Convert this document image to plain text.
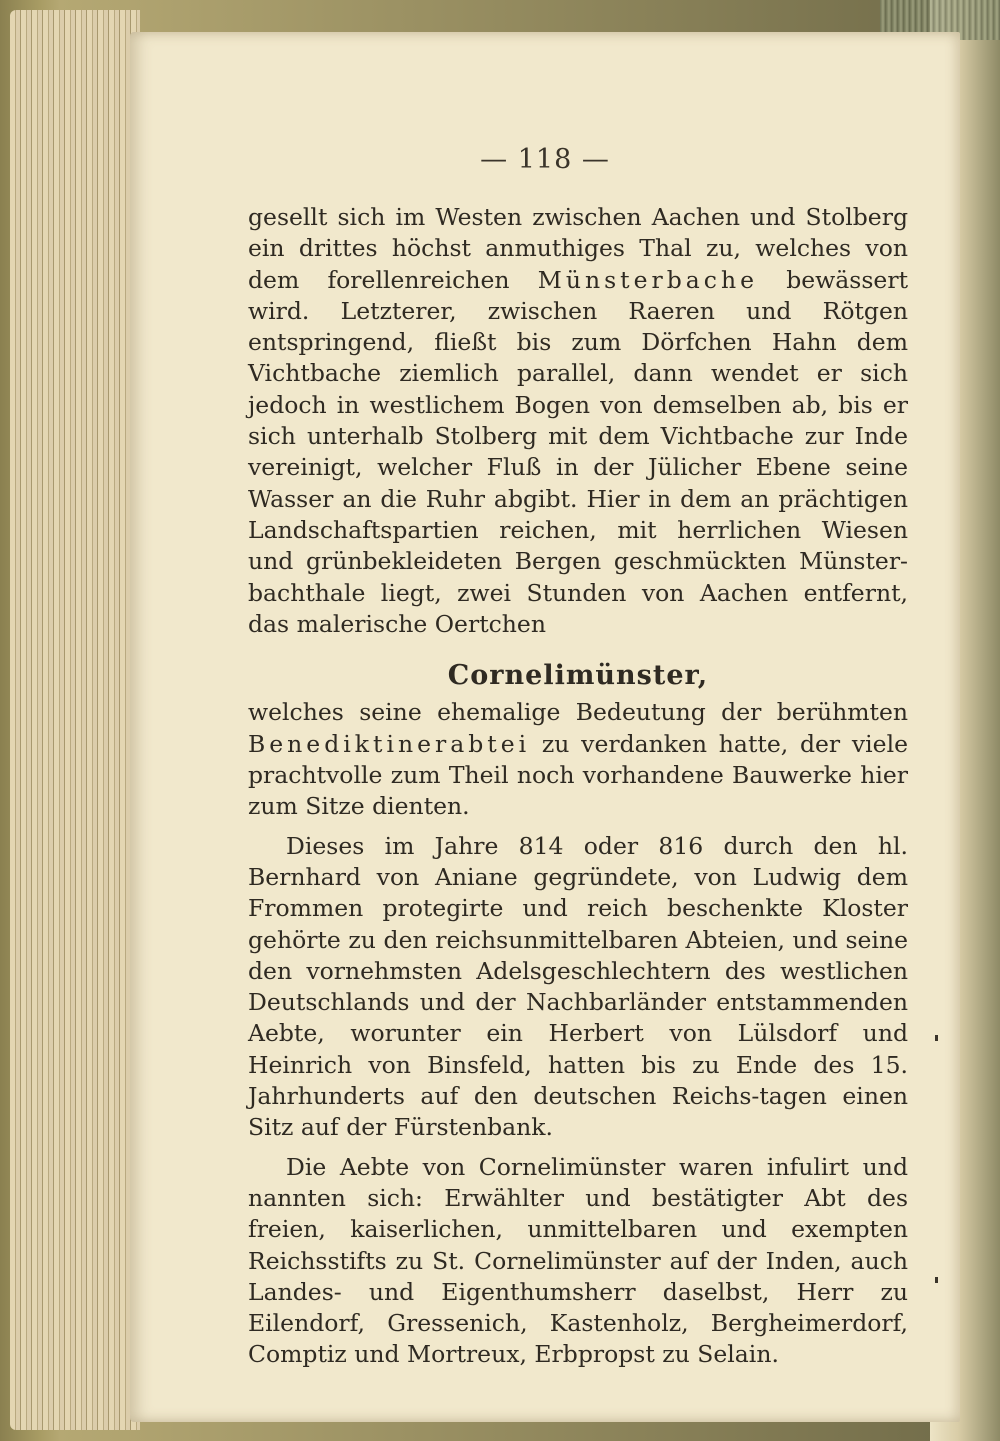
— 118 —

gesellt sich im Westen zwischen Aachen und Stolberg ein drittes höchst anmuthiges Thal zu, welches von dem forellenreichen Münsterbache bewässert wird. Letzterer, zwischen Raeren und Rötgen entspringend, fließt bis zum Dörfchen Hahn dem Vichtbache ziemlich parallel, dann wendet er sich jedoch in westlichem Bogen von demselben ab, bis er sich unterhalb Stolberg mit dem Vichtbache zur Inde vereinigt, welcher Fluß in der Jülicher Ebene seine Wasser an die Ruhr abgibt. Hier in dem an prächtigen Landschaftspartien reichen, mit herrlichen Wiesen und grünbekleideten Bergen geschmückten Münster-bachthale liegt, zwei Stunden von Aachen entfernt, das malerische Oertchen

Cornelimünster,

welches seine ehemalige Bedeutung der berühmten Benediktinerabtei zu verdanken hatte, der viele prachtvolle zum Theil noch vorhandene Bauwerke hier zum Sitze dienten.

Dieses im Jahre 814 oder 816 durch den hl. Bernhard von Aniane gegründete, von Ludwig dem Frommen protegirte und reich beschenkte Kloster gehörte zu den reichsunmittelbaren Abteien, und seine den vornehmsten Adelsgeschlechtern des westlichen Deutschlands und der Nachbarländer entstammenden Aebte, worunter ein Herbert von Lülsdorf und Heinrich von Binsfeld, hatten bis zu Ende des 15. Jahrhunderts auf den deutschen Reichs-tagen einen Sitz auf der Fürstenbank.

Die Aebte von Cornelimünster waren infulirt und nannten sich: Erwählter und bestätigter Abt des freien, kaiserlichen, unmittelbaren und exempten Reichsstifts zu St. Cornelimünster auf der Inden, auch Landes- und Eigenthumsherr daselbst, Herr zu Eilendorf, Gressenich, Kastenholz, Bergheimerdorf, Comptiz und Mortreux, Erbpropst zu Selain.
